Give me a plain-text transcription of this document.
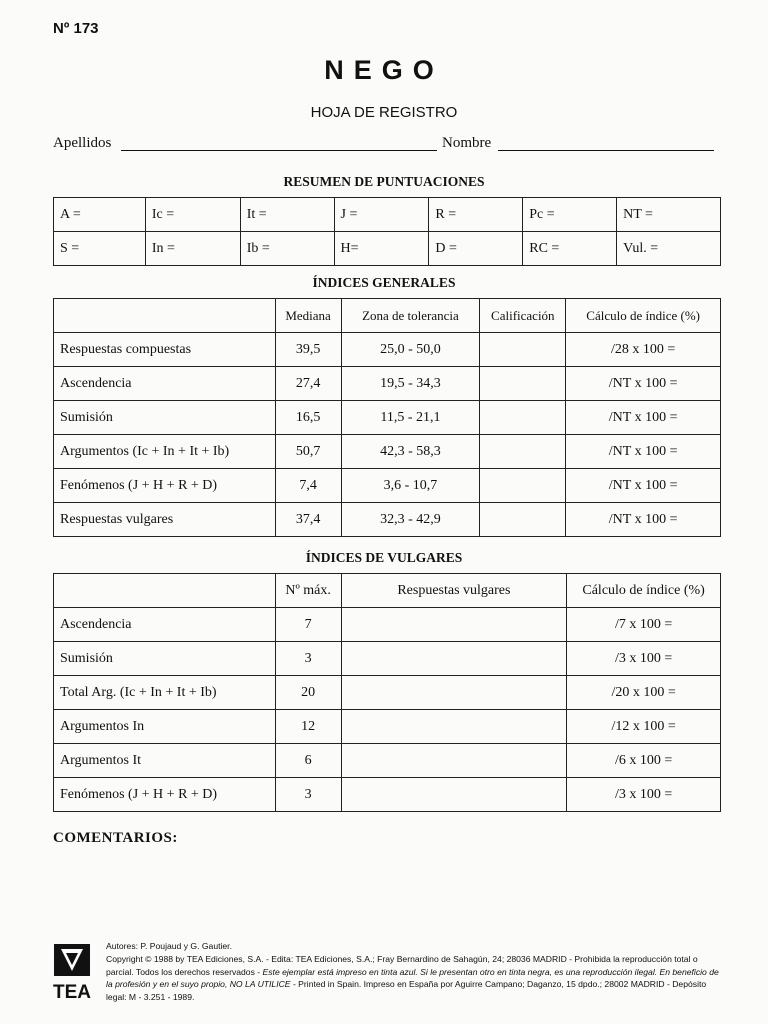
Nº 173
NEGO
HOJA DE REGISTRO
Apellidos	Nombre
RESUMEN DE PUNTUACIONES
A =	Ic =	It =	J =	R =	Pc =	NT =
S =	In =	Ib =	H=	D =	RC =	Vul. =
ÍNDICES GENERALES
	Mediana	Zona de tolerancia	Calificación	Cálculo de índice (%)
Respuestas compuestas	39,5	25,0 - 50,0		/28 x 100 =
Ascendencia	27,4	19,5 - 34,3		/NT x 100 =
Sumisión	16,5	11,5 - 21,1		/NT x 100 =
Argumentos (Ic + In + It + Ib)	50,7	42,3 - 58,3		/NT x 100 =
Fenómenos (J + H + R + D)	7,4	3,6 - 10,7		/NT x 100 =
Respuestas vulgares	37,4	32,3 - 42,9		/NT x 100 =
ÍNDICES DE VULGARES
	Nº máx.	Respuestas vulgares	Cálculo de índice (%)
Ascendencia	7		/7 x 100 =
Sumisión	3		/3 x 100 =
Total Arg. (Ic + In + It + Ib)	20		/20 x 100 =
Argumentos In	12		/12 x 100 =
Argumentos It	6		/6 x 100 =
Fenómenos (J + H + R + D)	3		/3 x 100 =
COMENTARIOS:
TEA
Autores: P. Poujaud y G. Gautier.
Copyright © 1988 by TEA Ediciones, S.A. - Edita: TEA Ediciones, S.A.; Fray Bernardino de Sahagún, 24; 28036 MADRID - Prohibida la reproducción total o parcial. Todos los derechos reservados - Este ejemplar está impreso en tinta azul. Si le presentan otro en tinta negra, es una reproducción ilegal. En beneficio de la profesión y en el suyo propio, NO LA UTILICE - Printed in Spain. Impreso en España por Aguirre Campano; Daganzo, 15 dpdo.; 28002 MADRID - Depósito legal: M - 3.251 - 1989.
